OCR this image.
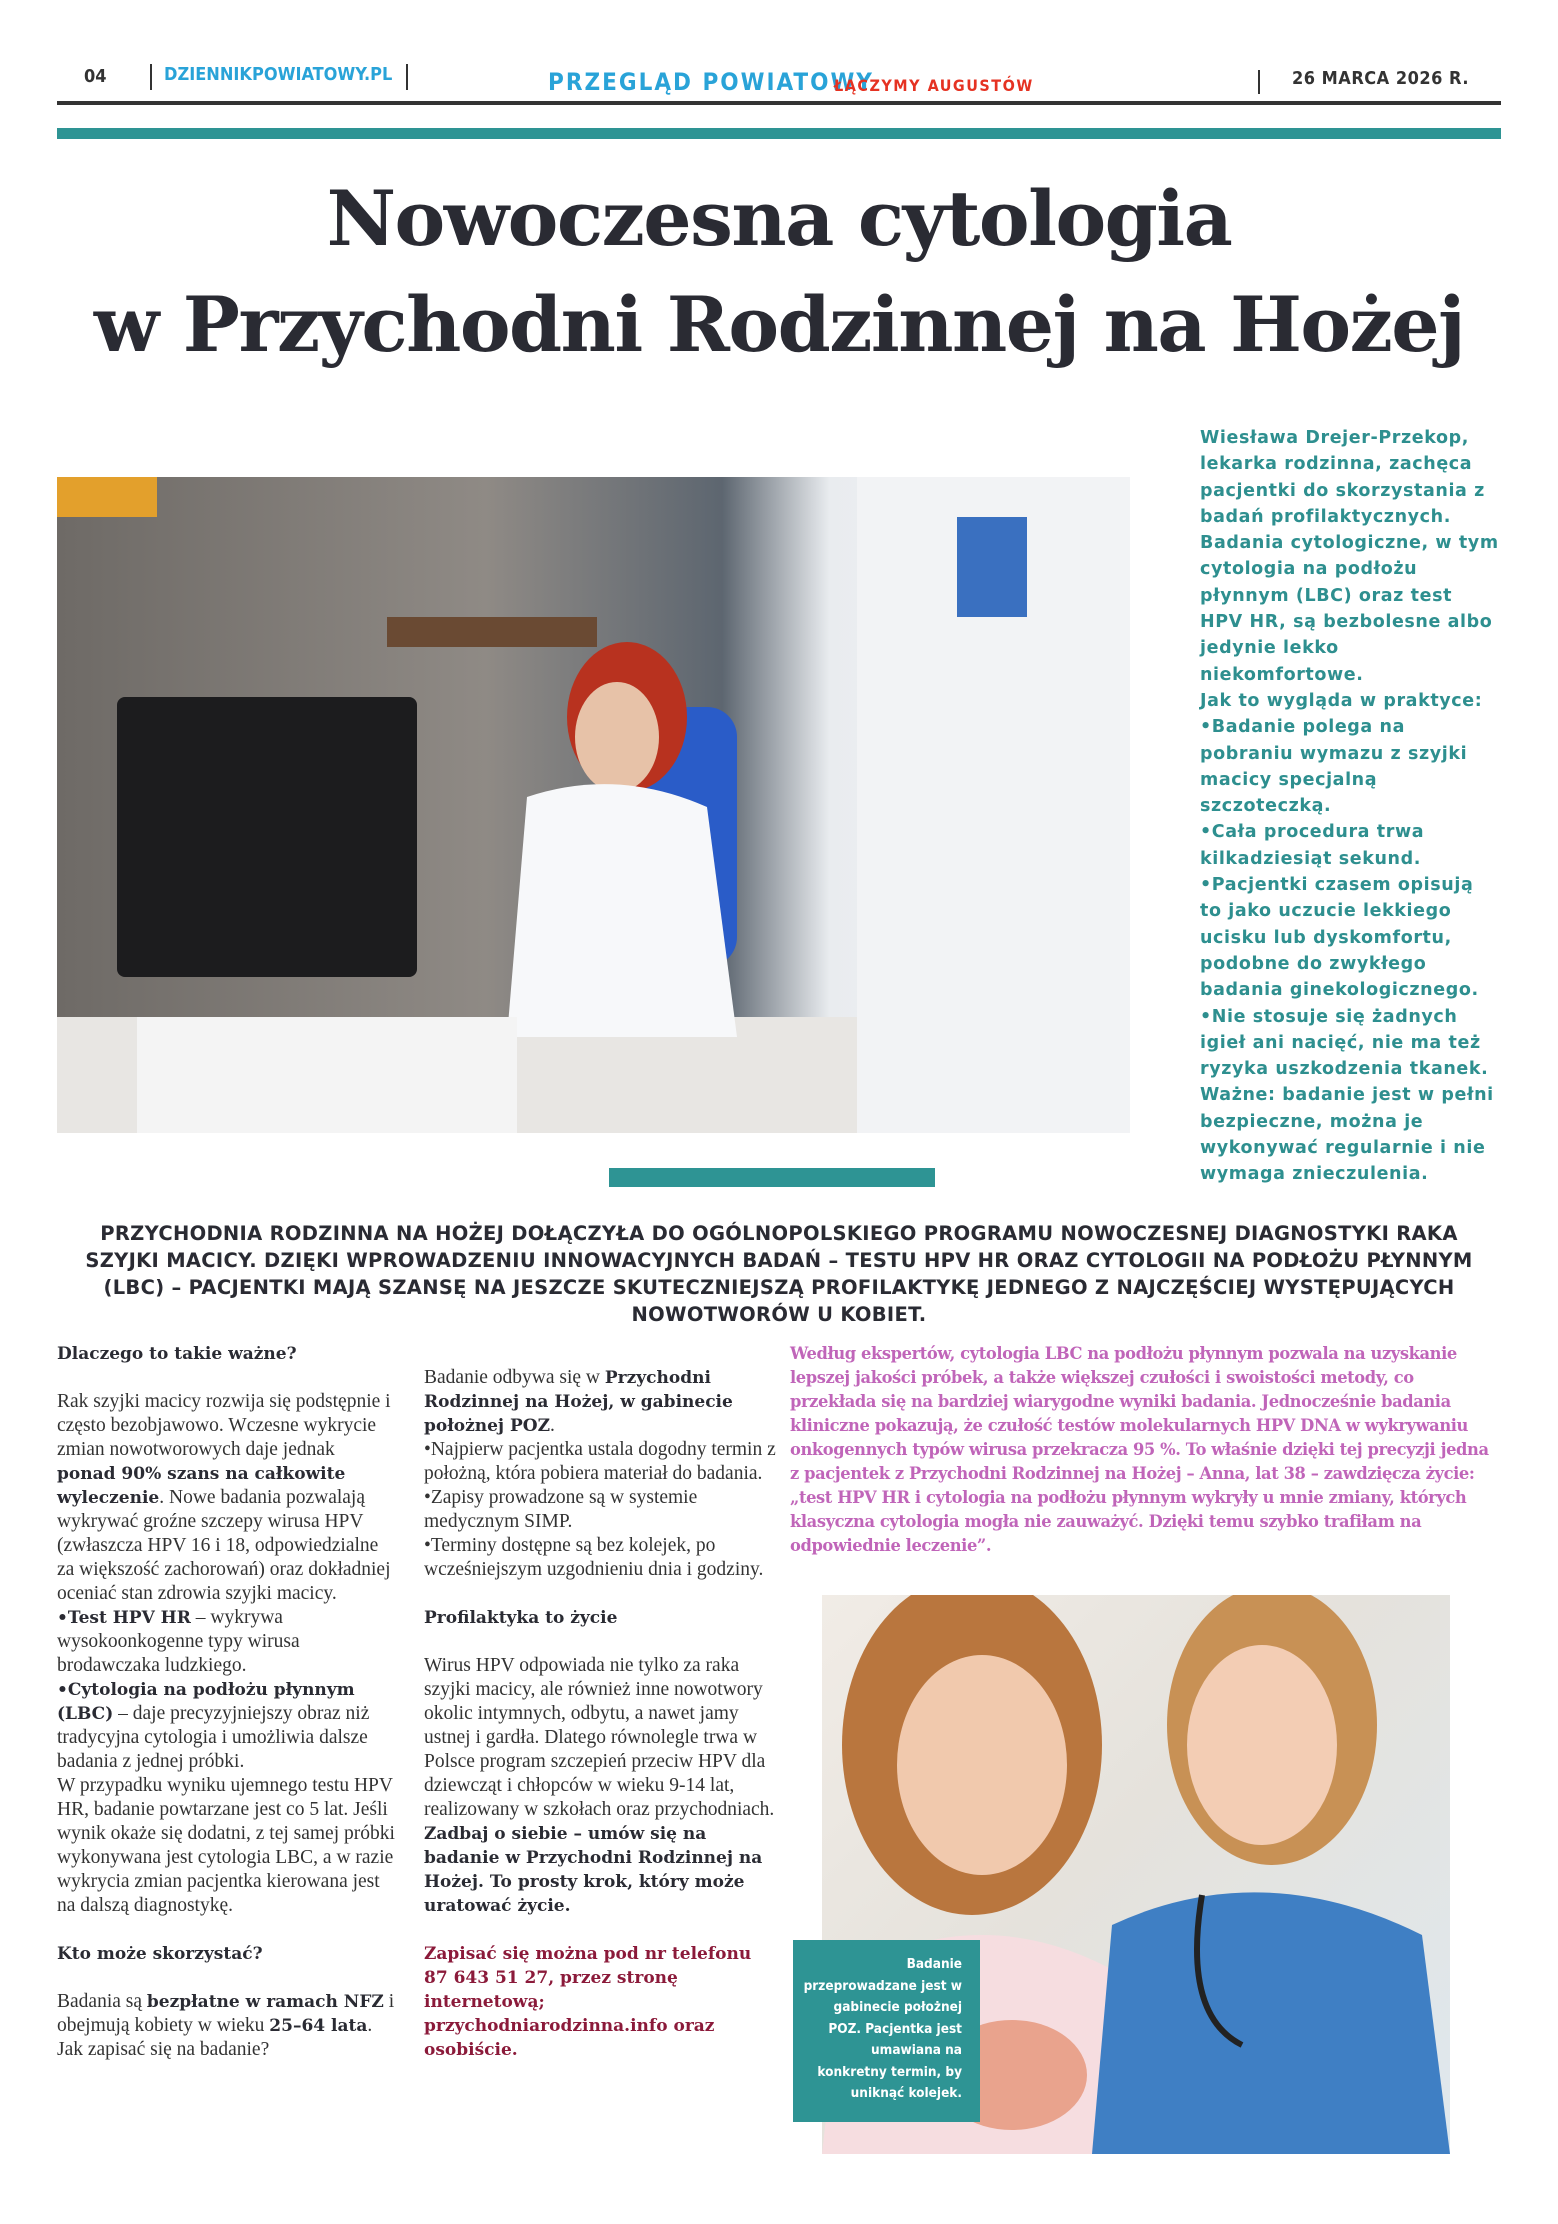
04	DZIENNIKPOWIATOWY.PL	PRZEGLĄD POWIATOWY
ŁĄCZYMY AUGUSTÓW	26 MARCA 2026 R.
Nowoczesna cytologia
w Przychodni Rodzinnej na Hożej

Wiesława Drejer-Przekop, lekarka rodzinna, zachęca pacjentki do skorzystania z badań profilaktycznych. Badania cytologiczne, w tym cytologia na podłożu płynnym (LBC) oraz test HPV HR, są bezbolesne albo jedynie lekko niekomfortowe.

Jak to wygląda w praktyce:

•Badanie polega na pobraniu wymazu z szyjki macicy specjalną szczoteczką.

•Cała procedura trwa kilkadziesiąt sekund.

•Pacjentki czasem opisują to jako uczucie lekkiego ucisku lub dyskomfortu, podobne do zwykłego badania ginekologicznego.

•Nie stosuje się żadnych igieł ani nacięć, nie ma też ryzyka uszkodzenia tkanek.

Ważne: badanie jest w pełni bezpieczne, można je wykonywać regularnie i nie wymaga znieczulenia.

PRZYCHODNIA RODZINNA NA HOŻEJ DOŁĄCZYŁA DO OGÓLNOPOLSKIEGO PROGRAMU NOWOCZESNEJ DIAGNOSTYKI RAKA SZYJKI MACICY. DZIĘKI WPROWADZENIU INNOWACYJNYCH BADAŃ – TESTU HPV HR ORAZ CYTOLOGII NA PODŁOŻU PŁYNNYM (LBC) – PACJENTKI MAJĄ SZANSĘ NA JESZCZE SKUTECZNIEJSZĄ PROFILAKTYKĘ JEDNEGO Z NAJCZĘŚCIEJ WYSTĘPUJĄCYCH NOWOTWORÓW U KOBIET.

Dlaczego to takie ważne?

Rak szyjki macicy rozwija się podstępnie i często bezobjawowo. Wczesne wykrycie zmian nowotworowych daje jednak ponad 90% szans na całkowite wyleczenie. Nowe badania pozwalają wykrywać groźne szczepy wirusa HPV (zwłaszcza HPV 16 i 18, odpowiedzialne za większość zachorowań) oraz dokładniej oceniać stan zdrowia szyjki macicy.

•Test HPV HR – wykrywa wysokoonkogenne typy wirusa brodawczaka ludzkiego.

•Cytologia na podłożu płynnym (LBC) – daje precyzyjniejszy obraz niż tradycyjna cytologia i umożliwia dalsze badania z jednej próbki.

W przypadku wyniku ujemnego testu HPV HR, badanie powtarzane jest co 5 lat. Jeśli wynik okaże się dodatni, z tej samej próbki wykonywana jest cytologia LBC, a w razie wykrycia zmian pacjentka kierowana jest na dalszą diagnostykę.

Kto może skorzystać?

Badania są bezpłatne w ramach NFZ i obejmują kobiety w wieku 25–64 lata.

Jak zapisać się na badanie?

Badanie odbywa się w Przychodni Rodzinnej na Hożej, w gabinecie położnej POZ.

•Najpierw pacjentka ustala dogodny termin z położną, która pobiera materiał do badania.

•Zapisy prowadzone są w systemie medycznym SIMP.

•Terminy dostępne są bez kolejek, po wcześniejszym uzgodnieniu dnia i godziny.

Profilaktyka to życie

Wirus HPV odpowiada nie tylko za raka szyjki macicy, ale również inne nowotwory okolic intymnych, odbytu, a nawet jamy ustnej i gardła. Dlatego równolegle trwa w Polsce program szczepień przeciw HPV dla dziewcząt i chłopców w wieku 9-14 lat, realizowany w szkołach oraz przychodniach.

Zadbaj o siebie – umów się na badanie w Przychodni Rodzinnej na Hożej. To prosty krok, który może uratować życie.

Zapisać się można pod nr telefonu 87 643 51 27, przez stronę internetową; przychodniarodzinna.info oraz osobiście.

Według ekspertów, cytologia LBC na podłożu płynnym pozwala na uzyskanie lepszej jakości próbek, a także większej czułości i swoistości metody, co przekłada się na bardziej wiarygodne wyniki badania. Jednocześnie badania kliniczne pokazują, że czułość testów molekularnych HPV DNA w wykrywaniu onkogennych typów wirusa przekracza 95 %. To właśnie dzięki tej precyzji jedna z pacjentek z Przychodni Rodzinnej na Hożej – Anna, lat 38 – zawdzięcza życie: „test HPV HR i cytologia na podłożu płynnym wykryły u mnie zmiany, których klasyczna cytologia mogła nie zauważyć. Dzięki temu szybko trafiłam na odpowiednie leczenie”.
Badanie przeprowadzane jest w gabinecie położnej POZ. Pacjentka jest umawiana na konkretny termin, by uniknąć kolejek.
